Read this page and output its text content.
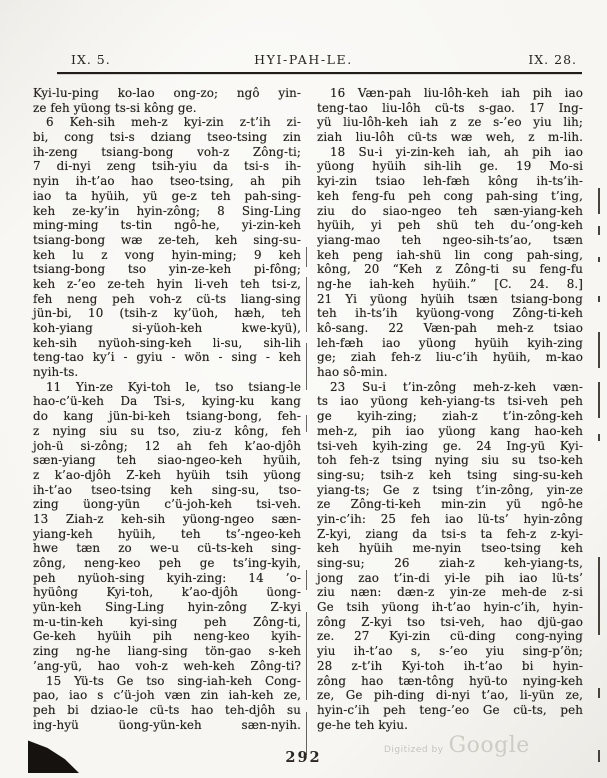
IX. 5.	HYI-PAH-LE.	IX. 28.
Kyi-lu-ping ko-lao ong-zo; ngô yin-
ze feh yüong ts-si kông ge.
6 Keh-sih meh-z kyi-zin z-t’ih zi-
bi, cong tsi-s dziang tseo-tsing zin
ih-zeng tsiang-bong voh-z Zông-ti;
7 di-nyi zeng tsih-yiu da tsi-s ih-
nyin ih-t’ao hao tseo-tsing, ah pih
iao ta hyüih, yü ge-z teh pah-sing-
keh ze-ky’in hyin-zông; 8 Sing-Ling
ming-ming ts-tin ngô-he, yi-zin-keh
tsiang-bong wæ ze-teh, keh sing-su-
keh lu z vong hyin-ming; 9 keh
tsiang-bong tso yin-ze-keh pi-fông;
keh z-’eo ze-teh hyin li-veh teh tsi-z,
feh neng peh voh-z cü-ts liang-sing
jün-bi, 10 (tsih-z ky’üoh, hæh, teh
koh-yiang si-yüoh-keh kwe-kyü),
keh-sih nyüoh-sing-keh li-su, sih-lih
teng-tao ky’i - gyiu - wön - sing - keh
nyih-ts.
11 Yin-ze Kyi-toh le, tso tsiang-le
hao-c’ü-keh Da Tsi-s, kying-ku kang
do kang jün-bi-keh tsiang-bong, feh-
z nying siu su tso, ziu-z kông, feh
joh-ü si-zông; 12 ah feh k’ao-djôh
sæn-yiang teh siao-ngeo-keh hyüih,
z k’ao-djôh Z-keh hyüih tsih yüong
ih-t’ao tseo-tsing keh sing-su, tso-
zing üong-yün c’ü-joh-keh tsi-veh.
13 Ziah-z keh-sih yüong-ngeo sæn-
yiang-keh hyüih, teh ts’-ngeo-keh
hwe tæn zo we-u cü-ts-keh sing-
zông, neng-keo peh ge ts’ing-kyih,
peh nyüoh-sing kyih-zing: 14 ’o-
hyüông Kyi-toh, k’ao-djôh üong-
yün-keh Sing-Ling hyin-zông Z-kyi
m-u-tin-keh kyi-sing peh Zông-ti,
Ge-keh hyüih pih neng-keo kyih-
zing ng-he liang-sing tön-gao s-keh
’ang-yü, hao voh-z weh-keh Zông-ti?
15 Yü-ts Ge tso sing-iah-keh Cong-
pao, iao s c’ü-joh væn zin iah-keh ze,
peh bi dziao-le cü-ts hao teh-djôh su
ing-hyü üong-yün-keh sæn-nyih.
16 Væn-pah liu-lôh-keh iah pih iao
teng-tao liu-lôh cü-ts s-gao. 17 Ing-
yü liu-lôh-keh iah z ze s-’eo yiu lih;
ziah liu-lôh cü-ts wæ weh, z m-lih.
18 Su-i yi-zin-keh iah, ah pih iao
yüong hyüih sih-lih ge. 19 Mo-si
kyi-zin tsiao leh-fæh kông ih-ts’ih-
keh feng-fu peh cong pah-sing t’ing,
ziu do siao-ngeo teh sæn-yiang-keh
hyüih, yi peh shü teh du-’ong-keh
yiang-mao teh ngeo-sih-ts’ao, tsæn
keh peng iah-shü lin cong pah-sing,
kông, 20 “Keh z Zông-ti su feng-fu
ng-he iah-keh hyüih.” [C. 24. 8.]
21 Yi yüong hyüih tsæn tsiang-bong
teh ih-ts’ih kyüong-vong Zông-ti-keh
kô-sang. 22 Væn-pah meh-z tsiao
leh-fæh iao yüong hyüih kyih-zing
ge; ziah feh-z liu-c’ih hyüih, m-kao
hao sô-min.
23 Su-i t’in-zông meh-z-keh væn-
ts iao yüong keh-yiang-ts tsi-veh peh
ge kyih-zing; ziah-z t’in-zông-keh
meh-z, pih iao yüong kang hao-keh
tsi-veh kyih-zing ge. 24 Ing-yü Kyi-
toh feh-z tsing nying siu su tso-keh
sing-su; tsih-z keh tsing sing-su-keh
yiang-ts; Ge z tsing t’in-zông, yin-ze
ze Zông-ti-keh min-zin yü ngô-he
yin-c’ih: 25 feh iao lü-ts’ hyin-zông
Z-kyi, ziang da tsi-s ta feh-z z-kyi-
keh hyüih me-nyin tseo-tsing keh
sing-su; 26 ziah-z keh-yiang-ts,
jong zao t’in-di yi-le pih iao lü-ts’
ziu næn: dæn-z yin-ze meh-de z-si
Ge tsih yüong ih-t’ao hyin-c’ih, hyin-
zông Z-kyi tso tsi-veh, hao djü-gao
ze. 27 Kyi-zin cü-ding cong-nying
yiu ih-t’ao s, s-’eo yiu sing-p’ön;
28 z-t’ih Kyi-toh ih-t’ao bi hyin-
zông hao tæn-tông hyü-to nying-keh
ze, Ge pih-ding di-nyi t’ao, li-yün ze,
hyin-c’ih peh teng-’eo Ge cü-ts, peh
ge-he teh kyiu.
292	Digitized by Google
